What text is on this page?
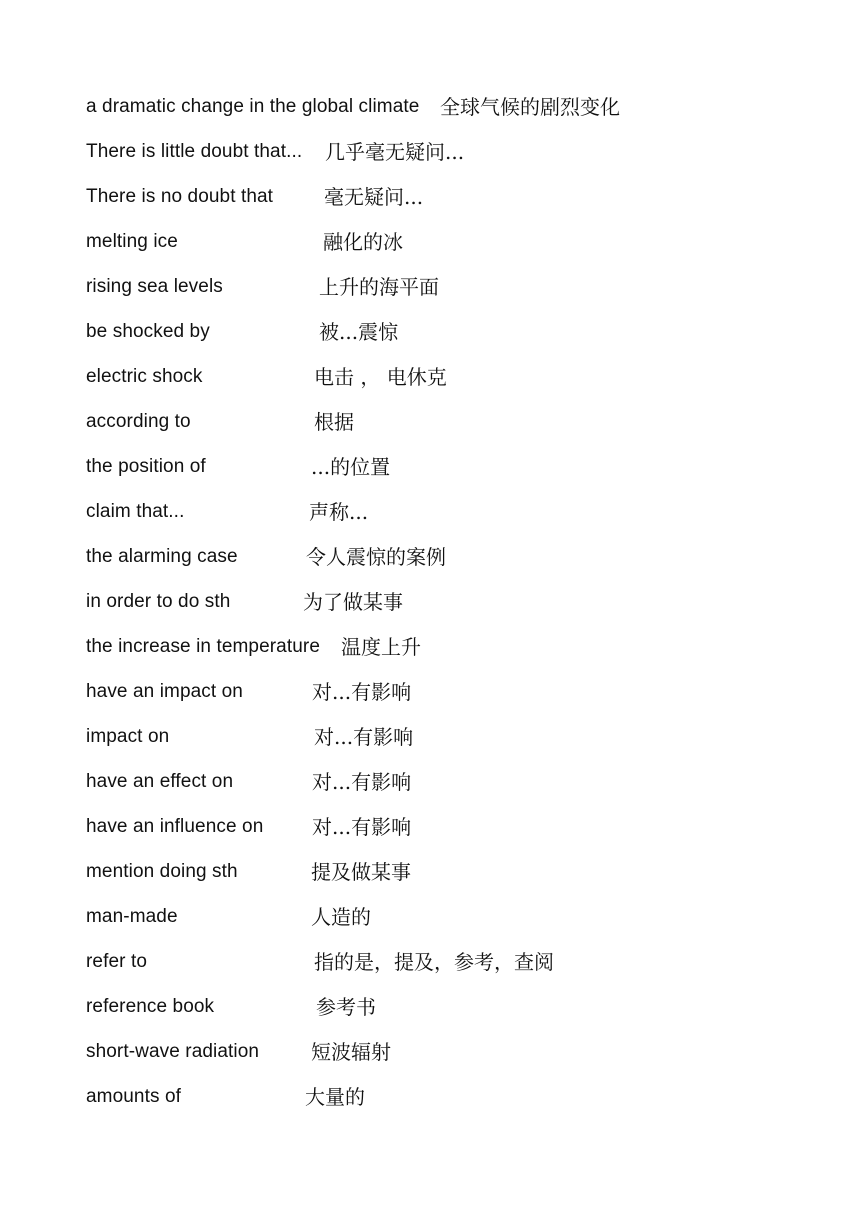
a dramatic change in the global climate 全球气候的剧烈变化
There is little doubt that... 几乎毫无疑问...
There is no doubt that	毫无疑问...
melting ice	融化的冰
rising sea levels	上升的海平面
be shocked by	被...震惊
electric shock	电击 ， 电休克
according to	根据
the position of	...的位置
claim that...	声称...
the alarming case	令人震惊的案例
in order to do sth	为了做某事
the increase in temperature 温度上升
have an impact on	对...有影响
impact on	对...有影响
have an effect on	对...有影响
have an influence on 对...有影响
mention doing sth	提及做某事
man-made	人造的
refer to	指的是，提及，参考，查阅
reference book	参考书
short-wave radiation	短波辐射
amounts of	大量的
